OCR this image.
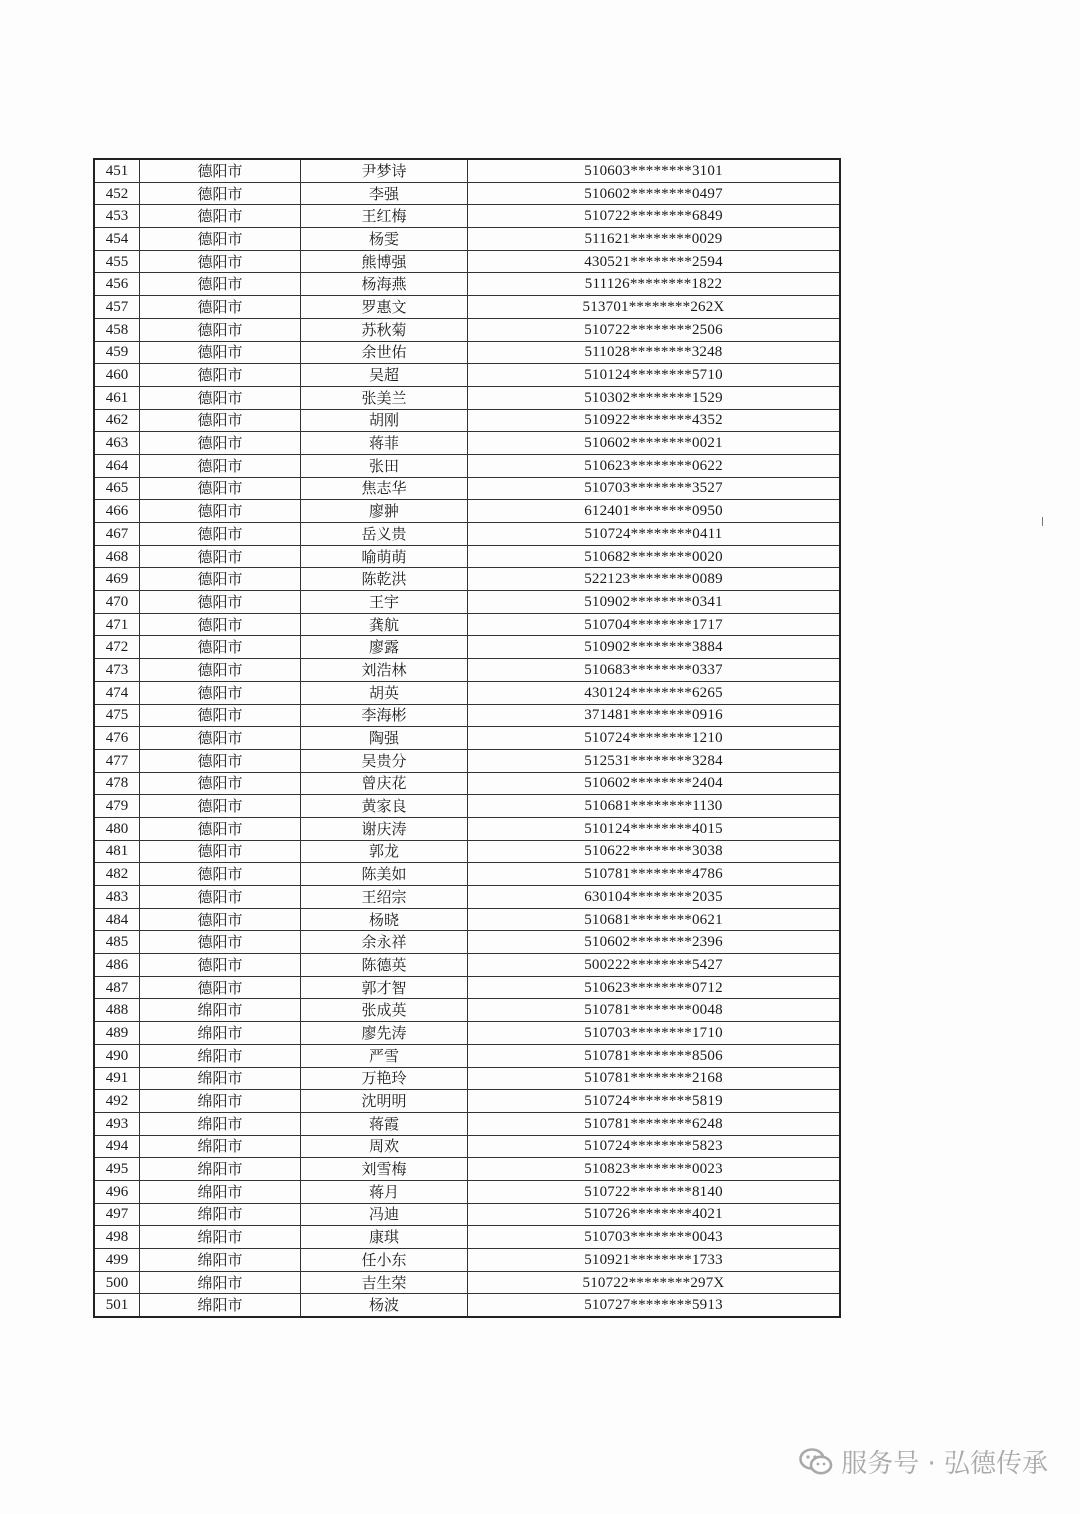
451	德阳市	尹梦诗	510603********3101
452	德阳市	李强	510602********0497
453	德阳市	王红梅	510722********6849
454	德阳市	杨雯	511621********0029
455	德阳市	熊博强	430521********2594
456	德阳市	杨海燕	511126********1822
457	德阳市	罗惠文	513701********262X
458	德阳市	苏秋菊	510722********2506
459	德阳市	余世佑	511028********3248
460	德阳市	吴超	510124********5710
461	德阳市	张美兰	510302********1529
462	德阳市	胡刚	510922********4352
463	德阳市	蒋菲	510602********0021
464	德阳市	张田	510623********0622
465	德阳市	焦志华	510703********3527
466	德阳市	廖翀	612401********0950
467	德阳市	岳义贵	510724********0411
468	德阳市	喻萌萌	510682********0020
469	德阳市	陈乾洪	522123********0089
470	德阳市	王宇	510902********0341
471	德阳市	龚航	510704********1717
472	德阳市	廖露	510902********3884
473	德阳市	刘浩林	510683********0337
474	德阳市	胡英	430124********6265
475	德阳市	李海彬	371481********0916
476	德阳市	陶强	510724********1210
477	德阳市	吴贵分	512531********3284
478	德阳市	曾庆花	510602********2404
479	德阳市	黄家良	510681********1130
480	德阳市	谢庆涛	510124********4015
481	德阳市	郭龙	510622********3038
482	德阳市	陈美如	510781********4786
483	德阳市	王绍宗	630104********2035
484	德阳市	杨晓	510681********0621
485	德阳市	余永祥	510602********2396
486	德阳市	陈德英	500222********5427
487	德阳市	郭才智	510623********0712
488	绵阳市	张成英	510781********0048
489	绵阳市	廖先涛	510703********1710
490	绵阳市	严雪	510781********8506
491	绵阳市	万艳玲	510781********2168
492	绵阳市	沈明明	510724********5819
493	绵阳市	蒋霞	510781********6248
494	绵阳市	周欢	510724********5823
495	绵阳市	刘雪梅	510823********0023
496	绵阳市	蒋月	510722********8140
497	绵阳市	冯迪	510726********4021
498	绵阳市	康琪	510703********0043
499	绵阳市	任小东	510921********1733
500	绵阳市	吉生荣	510722********297X
501	绵阳市	杨波	510727********5913
服务号 · 弘德传承
